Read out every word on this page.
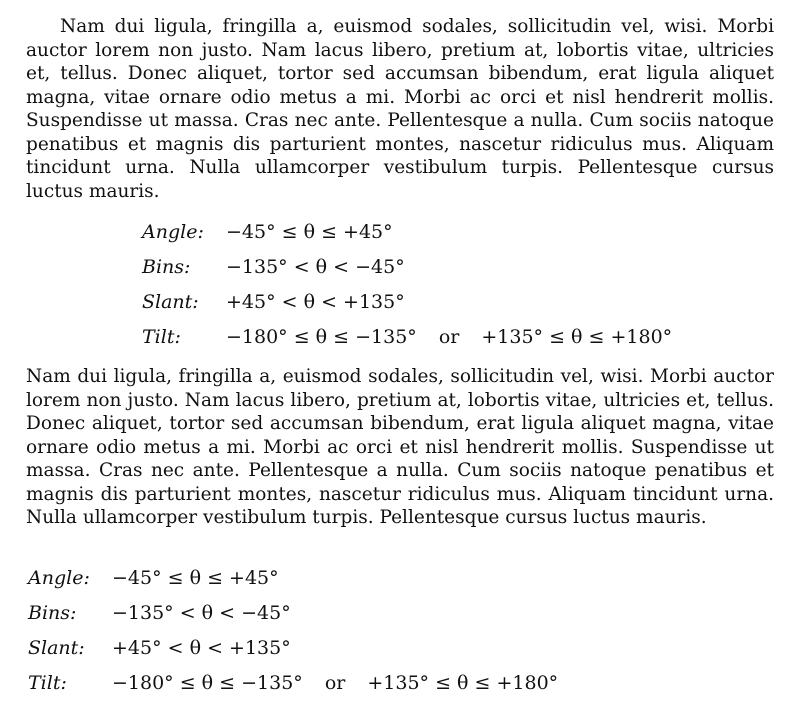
Nam dui ligula, fringilla a, euismod sodales, sollicitudin vel, wisi. Morbi auctor lorem non justo. Nam lacus libero, pretium at, lobortis vitae, ultricies et, tellus. Donec aliquet, tortor sed accumsan bibendum, erat ligula aliquet magna, vitae ornare odio metus a mi. Morbi ac orci et nisl hendrerit mollis. Suspendisse ut massa. Cras nec ante. Pellentesque a nulla. Cum sociis natoque penatibus et magnis dis parturient montes, nascetur ridiculus mus. Aliquam tincidunt urna. Nulla ullamcorper vestibulum turpis. Pellentesque cursus luctus mauris.

Angle:	−45° ≤ θ ≤ +45°		
Bins:	−135° < θ < −45°		
Slant:	+45° < θ < +135°		
Tilt:	−180° ≤ θ ≤ −135°	or	+135° ≤ θ ≤ +180°

Nam dui ligula, fringilla a, euismod sodales, sollicitudin vel, wisi. Morbi auctor lorem non justo. Nam lacus libero, pretium at, lobortis vitae, ultricies et, tellus. Donec aliquet, tortor sed accumsan bibendum, erat ligula aliquet magna, vitae ornare odio metus a mi. Morbi ac orci et nisl hendrerit mollis. Suspendisse ut massa. Cras nec ante. Pellentesque a nulla. Cum sociis natoque penatibus et magnis dis parturient montes, nascetur ridiculus mus. Aliquam tincidunt urna. Nulla ullamcorper vestibulum turpis. Pellentesque cursus luctus mauris.

Angle:	−45° ≤ θ ≤ +45°		
Bins:	−135° < θ < −45°		
Slant:	+45° < θ < +135°		
Tilt:	−180° ≤ θ ≤ −135°	or	+135° ≤ θ ≤ +180°
